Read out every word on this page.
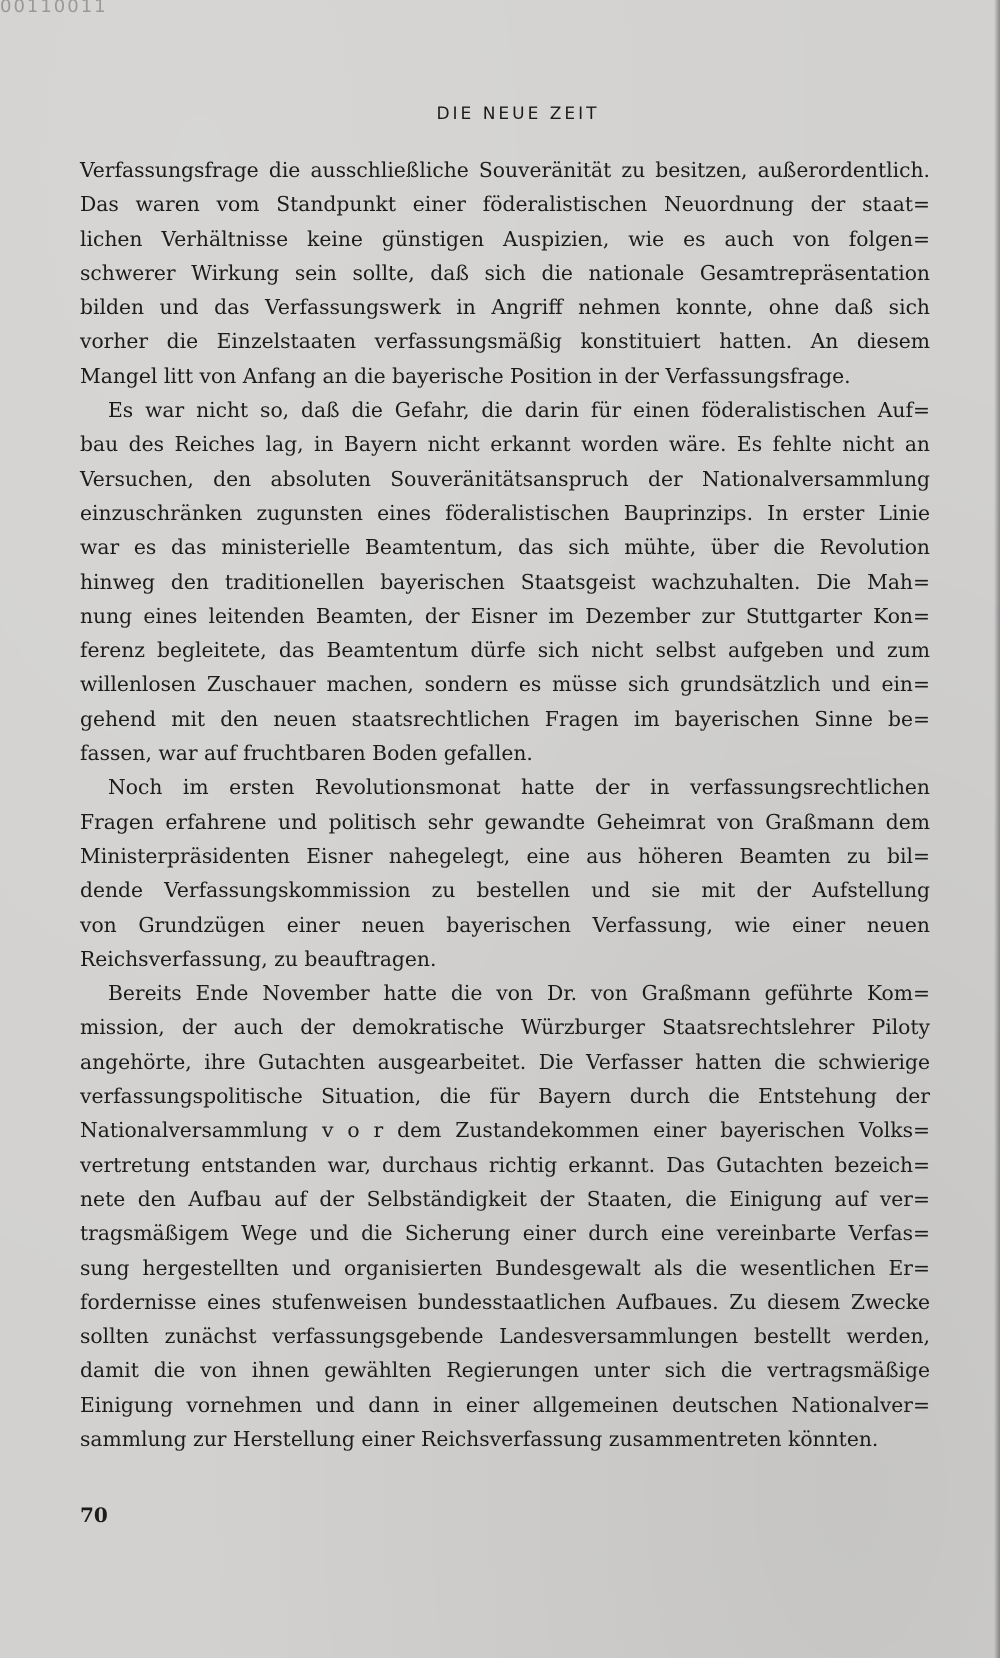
00110011
DIE NEUE ZEIT
Verfassungsfrage die ausschließliche Souveränität zu besitzen, außerordentlich.
Das waren vom Standpunkt einer föderalistischen Neuordnung der staat=
lichen Verhältnisse keine günstigen Auspizien, wie es auch von folgen=
schwerer Wirkung sein sollte, daß sich die nationale Gesamtrepräsentation
bilden und das Verfassungswerk in Angriff nehmen konnte, ohne daß sich
vorher die Einzelstaaten verfassungsmäßig konstituiert hatten. An diesem
Mangel litt von Anfang an die bayerische Position in der Verfassungsfrage.
Es war nicht so, daß die Gefahr, die darin für einen föderalistischen Auf=
bau des Reiches lag, in Bayern nicht erkannt worden wäre. Es fehlte nicht an
Versuchen, den absoluten Souveränitätsanspruch der Nationalversammlung
einzuschränken zugunsten eines föderalistischen Bauprinzips. In erster Linie
war es das ministerielle Beamtentum, das sich mühte, über die Revolution
hinweg den traditionellen bayerischen Staatsgeist wachzuhalten. Die Mah=
nung eines leitenden Beamten, der Eisner im Dezember zur Stuttgarter Kon=
ferenz begleitete, das Beamtentum dürfe sich nicht selbst aufgeben und zum
willenlosen Zuschauer machen, sondern es müsse sich grundsätzlich und ein=
gehend mit den neuen staatsrechtlichen Fragen im bayerischen Sinne be=
fassen, war auf fruchtbaren Boden gefallen.
Noch im ersten Revolutionsmonat hatte der in verfassungsrechtlichen
Fragen erfahrene und politisch sehr gewandte Geheimrat von Graßmann dem
Ministerpräsidenten Eisner nahegelegt, eine aus höheren Beamten zu bil=
dende Verfassungskommission zu bestellen und sie mit der Aufstellung
von Grundzügen einer neuen bayerischen Verfassung, wie einer neuen
Reichsverfassung, zu beauftragen.
Bereits Ende November hatte die von Dr. von Graßmann geführte Kom=
mission, der auch der demokratische Würzburger Staatsrechtslehrer Piloty
angehörte, ihre Gutachten ausgearbeitet. Die Verfasser hatten die schwierige
verfassungspolitische Situation, die für Bayern durch die Entstehung der
Nationalversammlung v o r dem Zustandekommen einer bayerischen Volks=
vertretung entstanden war, durchaus richtig erkannt. Das Gutachten bezeich=
nete den Aufbau auf der Selbständigkeit der Staaten, die Einigung auf ver=
tragsmäßigem Wege und die Sicherung einer durch eine vereinbarte Verfas=
sung hergestellten und organisierten Bundesgewalt als die wesentlichen Er=
fordernisse eines stufenweisen bundesstaatlichen Aufbaues. Zu diesem Zwecke
sollten zunächst verfassungsgebende Landesversammlungen bestellt werden,
damit die von ihnen gewählten Regierungen unter sich die vertragsmäßige
Einigung vornehmen und dann in einer allgemeinen deutschen Nationalver=
sammlung zur Herstellung einer Reichsverfassung zusammentreten könnten.
70
